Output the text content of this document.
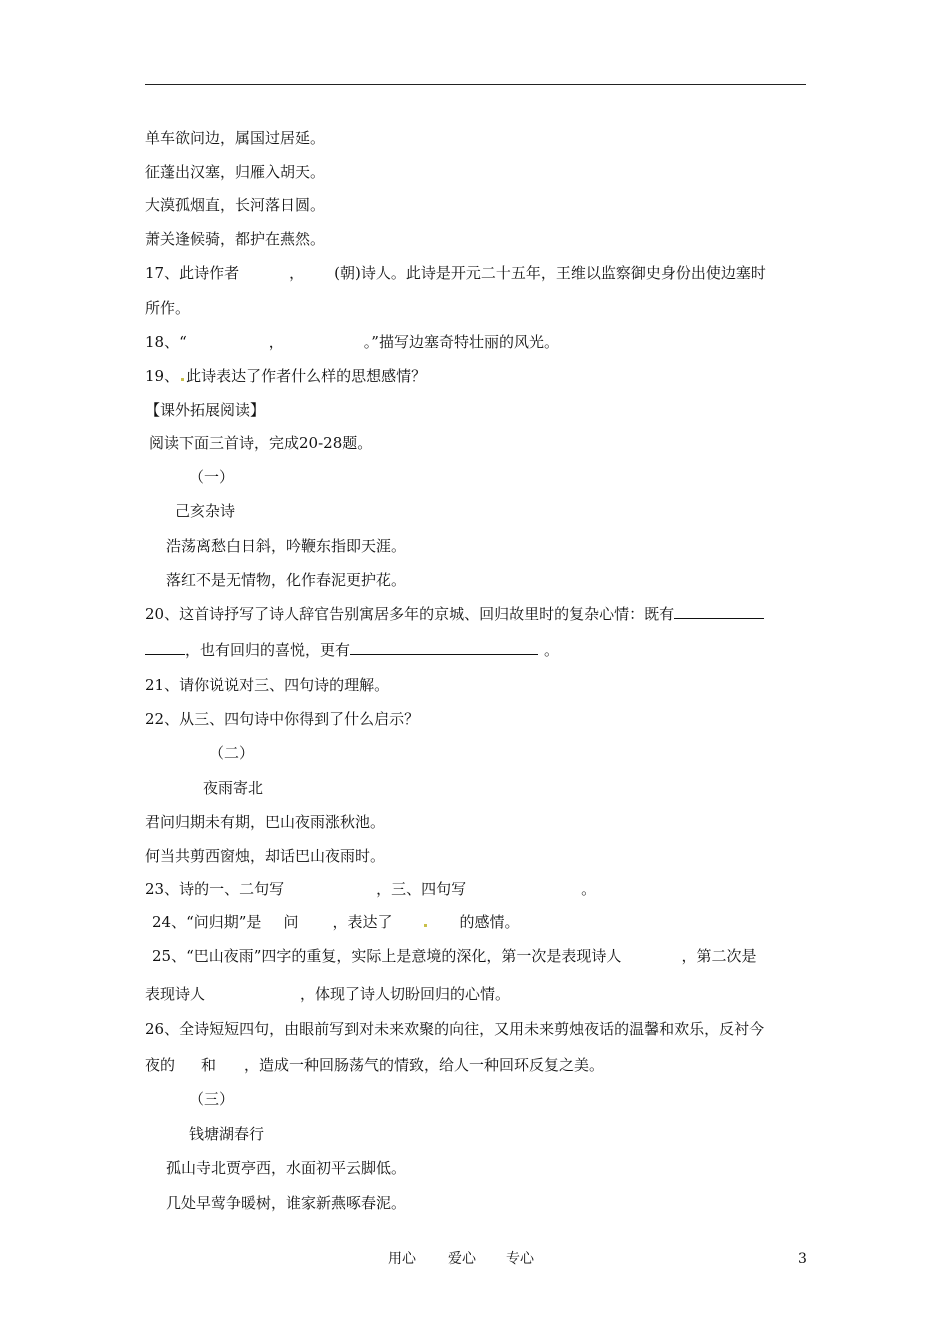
单车欲问边，属国过居延。
征蓬出汉塞，归雁入胡天。
大漠孤烟直，长河落日圆。
萧关逢候骑，都护在燕然。
17、此诗作者	， (朝)诗人。此诗是开元二十五年，王维以监察御史身份出使边塞时
所作。
18、“	，	。”描写边塞奇特壮丽的风光。
19、 此诗表达了作者什么样的思想感情？
【课外拓展阅读】
阅读下面三首诗，完成20-28题。
（一）
己亥杂诗
浩荡离愁白日斜，吟鞭东指即天涯。
落红不是无情物，化作春泥更护花。
20、这首诗抒写了诗人辞官告别寓居多年的京城、回归故里时的复杂心情：既有
，也有回归的喜悦，更有	。
21、请你说说对三、四句诗的理解。
22、从三、四句诗中你得到了什么启示？
（二）
夜雨寄北
君问归期未有期，巴山夜雨涨秋池。
何当共剪西窗烛，却话巴山夜雨时。
23、诗的一、二句写	，三、四句写	。
24、“问归期”是 问 ，表达了	的感情。
25、“巴山夜雨”四字的重复，实际上是意境的深化，第一次是表现诗人	，第二次是
表现诗人	，体现了诗人切盼回归的心情。
26、全诗短短四句，由眼前写到对未来欢聚的向往，又用未来剪烛夜话的温馨和欢乐，反衬今
夜的 和 ，造成一种回肠荡气的情致，给人一种回环反复之美。
（三）
钱塘湖春行
孤山寺北贾亭西，水面初平云脚低。
几处早莺争暖树，谁家新燕啄春泥。
用心 爱心 专心	3
